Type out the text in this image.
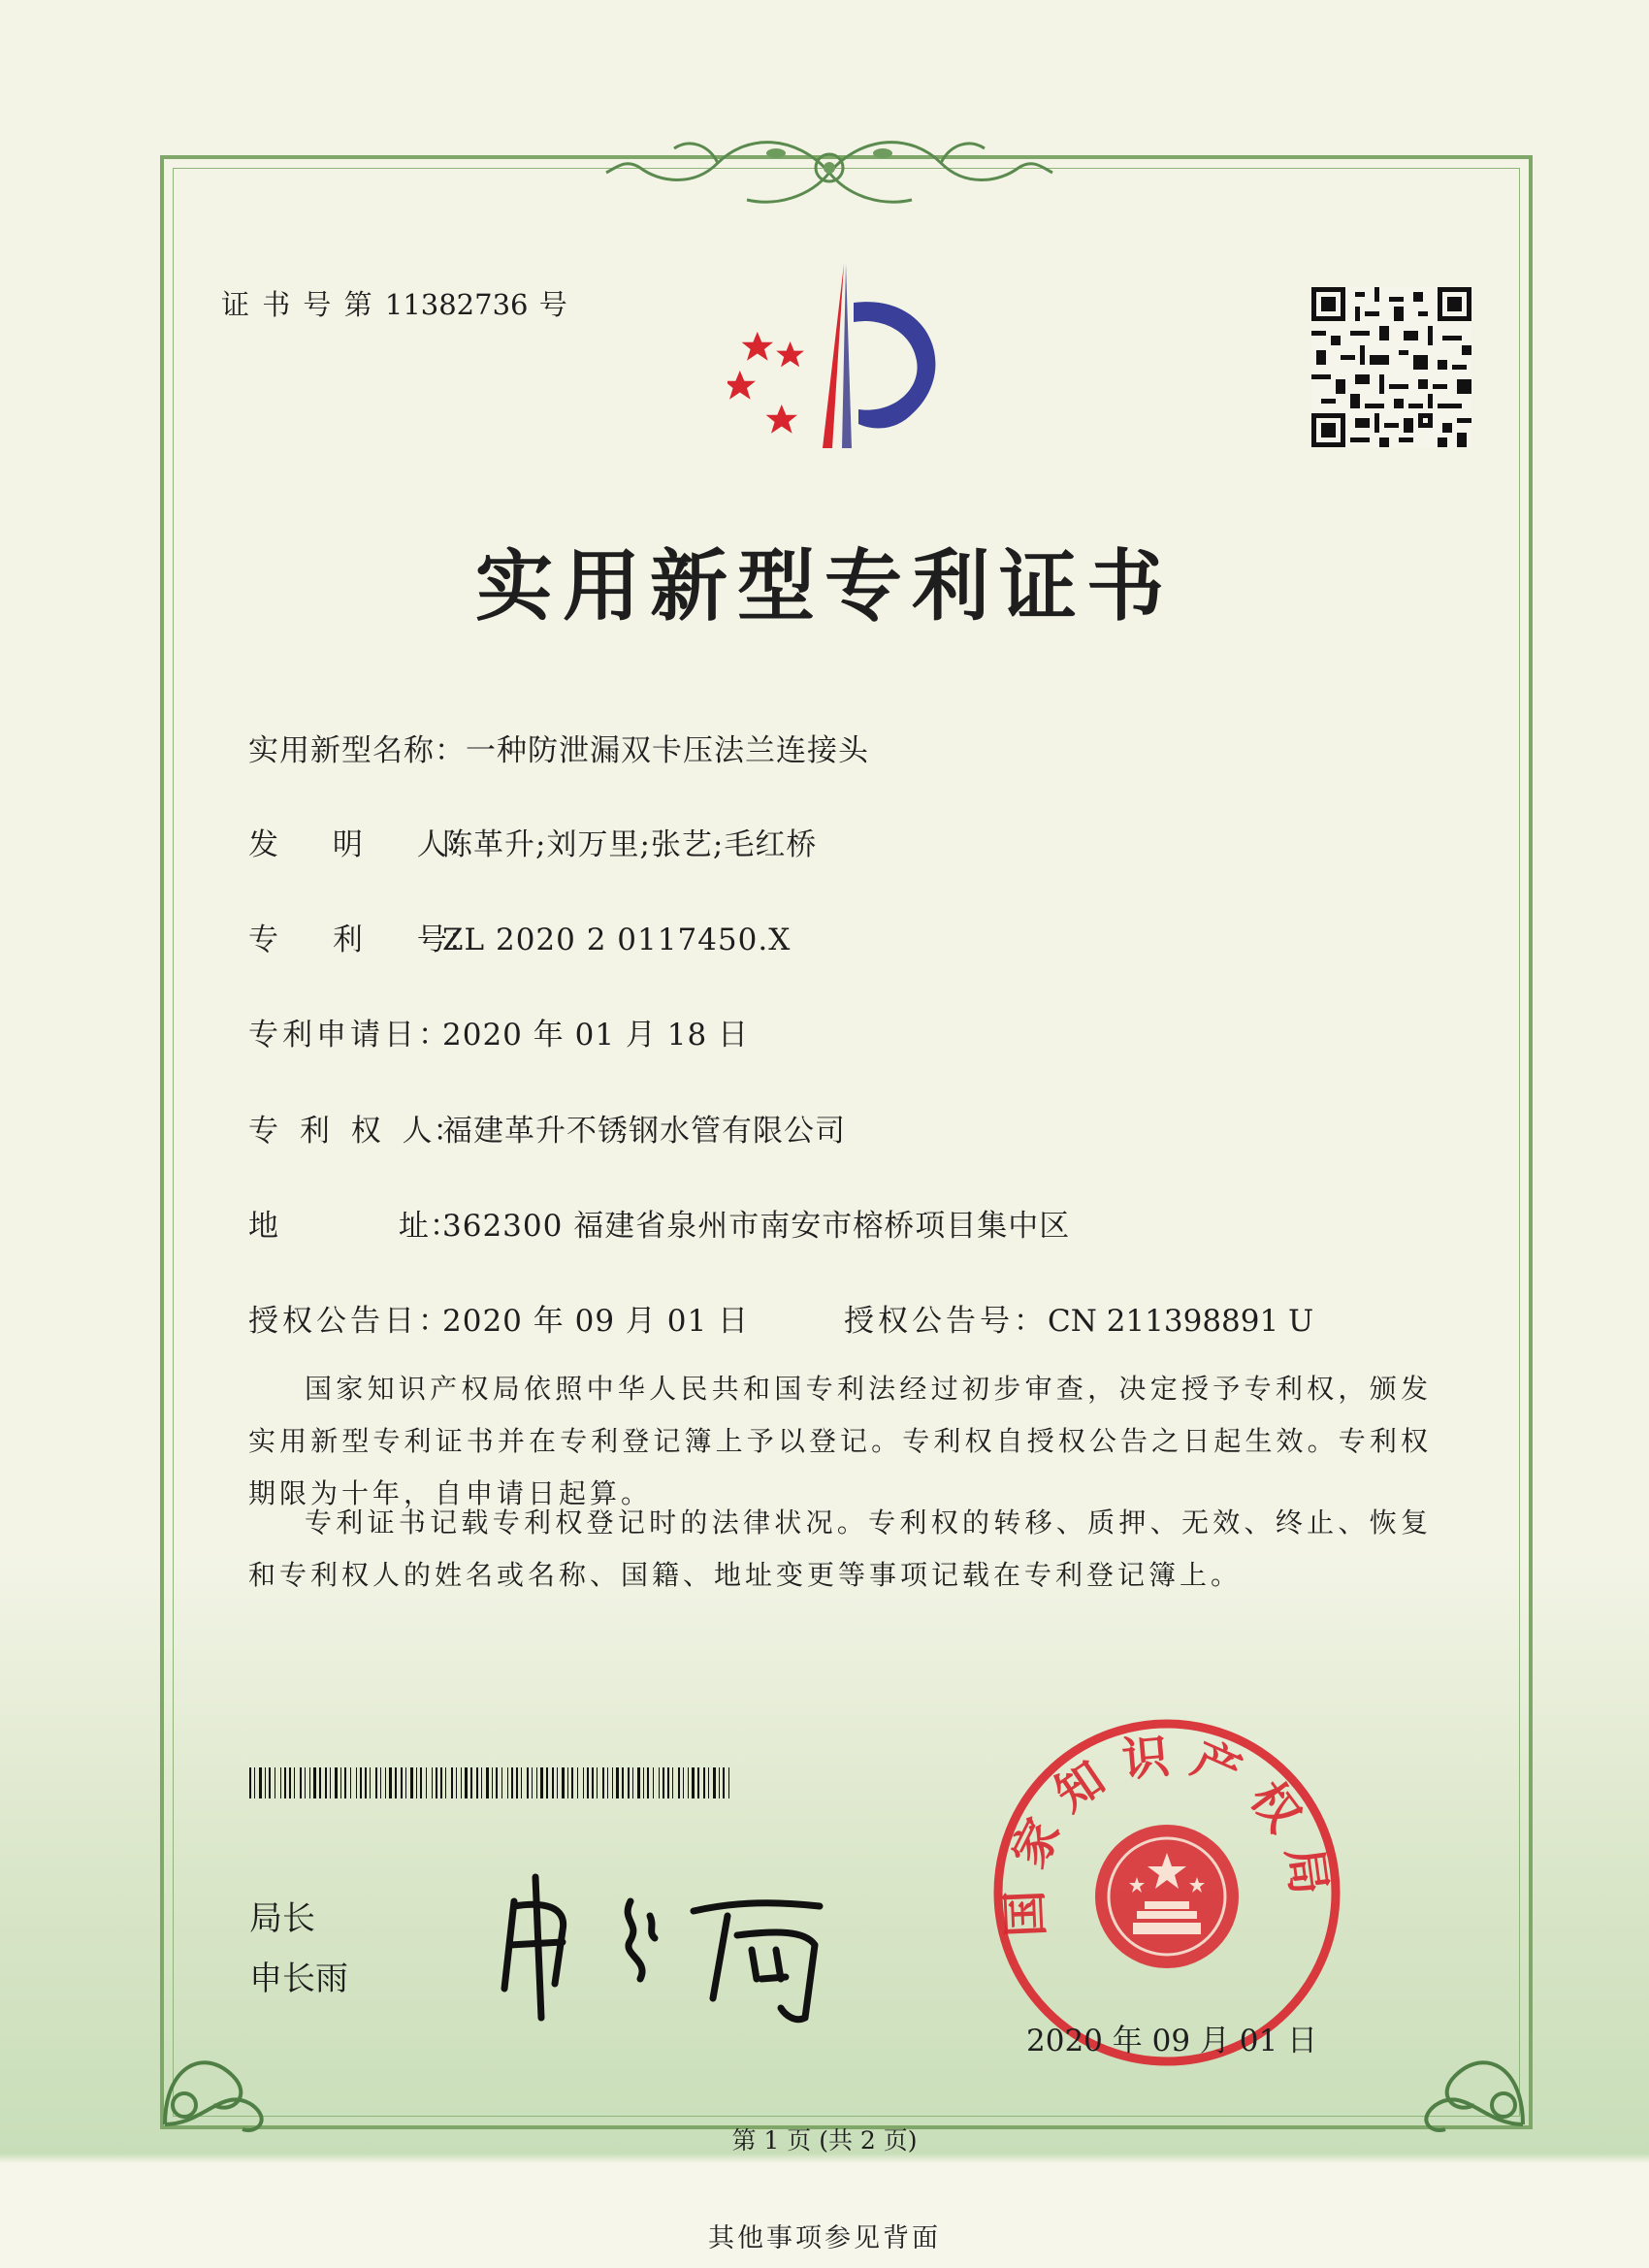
证 书 号 第 11382736 号
实用新型专利证书
实用新型名称：一种防泄漏双卡压法兰连接头
发 明 人：陈革升;刘万里;张艺;毛红桥
专 利 号：ZL 2020 2 0117450.X
专利申请日：2020 年 01 月 18 日
专 利 权 人：福建革升不锈钢水管有限公司
地 址：362300 福建省泉州市南安市榕桥项目集中区
授权公告日：2020 年 09 月 01 日	授权公告号：CN 211398891 U
国家知识产权局依照中华人民共和国专利法经过初步审查，决定授予专利权，颁发实用新型专利证书并在专利登记簿上予以登记。专利权自授权公告之日起生效。专利权期限为十年，自申请日起算。
专利证书记载专利权登记时的法律状况。专利权的转移、质押、无效、终止、恢复和专利权人的姓名或名称、国籍、地址变更等事项记载在专利登记簿上。
局长
申长雨
国家知识产权局
2020 年 09 月 01 日
第 1 页 (共 2 页)
其他事项参见背面
